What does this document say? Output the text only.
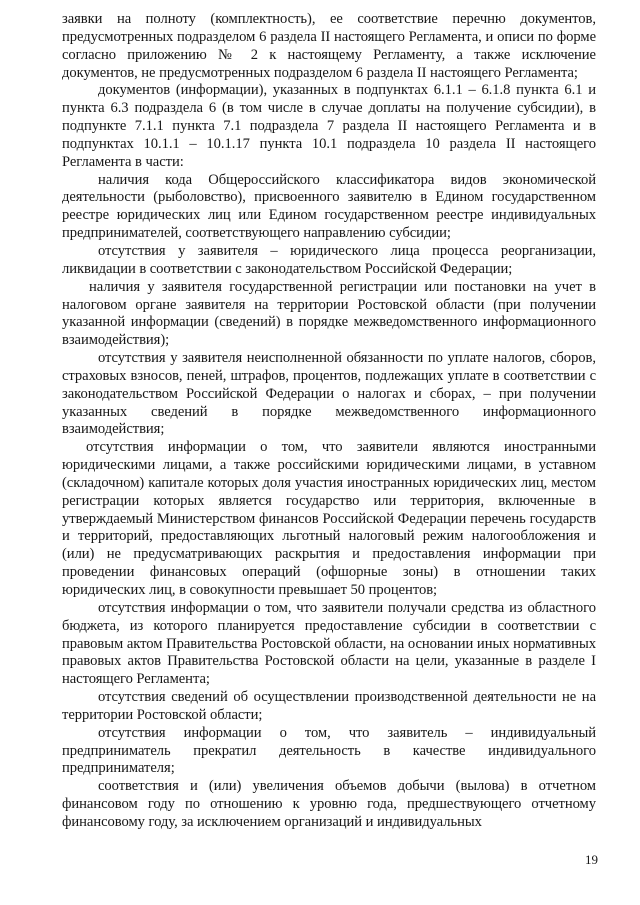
заявки на полноту (комплектность), ее соответствие перечню документов, предусмотренных подразделом 6 раздела II настоящего Регламента, и описи по форме согласно приложению № 2 к настоящему Регламенту, а также исключение документов, не предусмотренных подразделом 6 раздела II настоящего Регламента;

документов (информации), указанных в подпунктах 6.1.1 – 6.1.8 пункта 6.1 и пункта 6.3 подраздела 6 (в том числе в случае доплаты на получение субсидии), в подпункте 7.1.1 пункта 7.1 подраздела 7 раздела II настоящего Регламента и в подпунктах 10.1.1 – 10.1.17 пункта 10.1 подраздела 10 раздела II настоящего Регламента в части:

наличия кода Общероссийского классификатора видов экономической деятельности (рыболовство), присвоенного заявителю в Едином государственном реестре юридических лиц или Едином государственном реестре индивидуальных предпринимателей, соответствующего направлению субсидии;

отсутствия у заявителя – юридического лица процесса реорганизации, ликвидации в соответствии с законодательством Российской Федерации;

наличия у заявителя государственной регистрации или постановки на учет в налоговом органе заявителя на территории Ростовской области (при получении указанной информации (сведений) в порядке межведомственного информационного взаимодействия);

отсутствия у заявителя неисполненной обязанности по уплате налогов, сборов, страховых взносов, пеней, штрафов, процентов, подлежащих уплате в соответствии с законодательством Российской Федерации о налогах и сборах, – при получении указанных сведений в порядке межведомственного информационного взаимодействия;

отсутствия информации о том, что заявители являются иностранными юридическими лицами, а также российскими юридическими лицами, в уставном (складочном) капитале которых доля участия иностранных юридических лиц, местом регистрации которых является государство или территория, включенные в утверждаемый Министерством финансов Российской Федерации перечень государств и территорий, предоставляющих льготный налоговый режим налогообложения и (или) не предусматривающих раскрытия и предоставления информации при проведении финансовых операций (офшорные зоны) в отношении таких юридических лиц, в совокупности превышает 50 процентов;

отсутствия информации о том, что заявители получали средства из областного бюджета, из которого планируется предоставление субсидии в соответствии с правовым актом Правительства Ростовской области, на основании иных нормативных правовых актов Правительства Ростовской области на цели, указанные в разделе I настоящего Регламента;

отсутствия сведений об осуществлении производственной деятельности не на территории Ростовской области;

отсутствия информации о том, что заявитель – индивидуальный предприниматель прекратил деятельность в качестве индивидуального предпринимателя;

соответствия и (или) увеличения объемов добычи (вылова) в отчетном финансовом году по отношению к уровню года, предшествующего отчетному финансовому году, за исключением организаций и индивидуальных

19
